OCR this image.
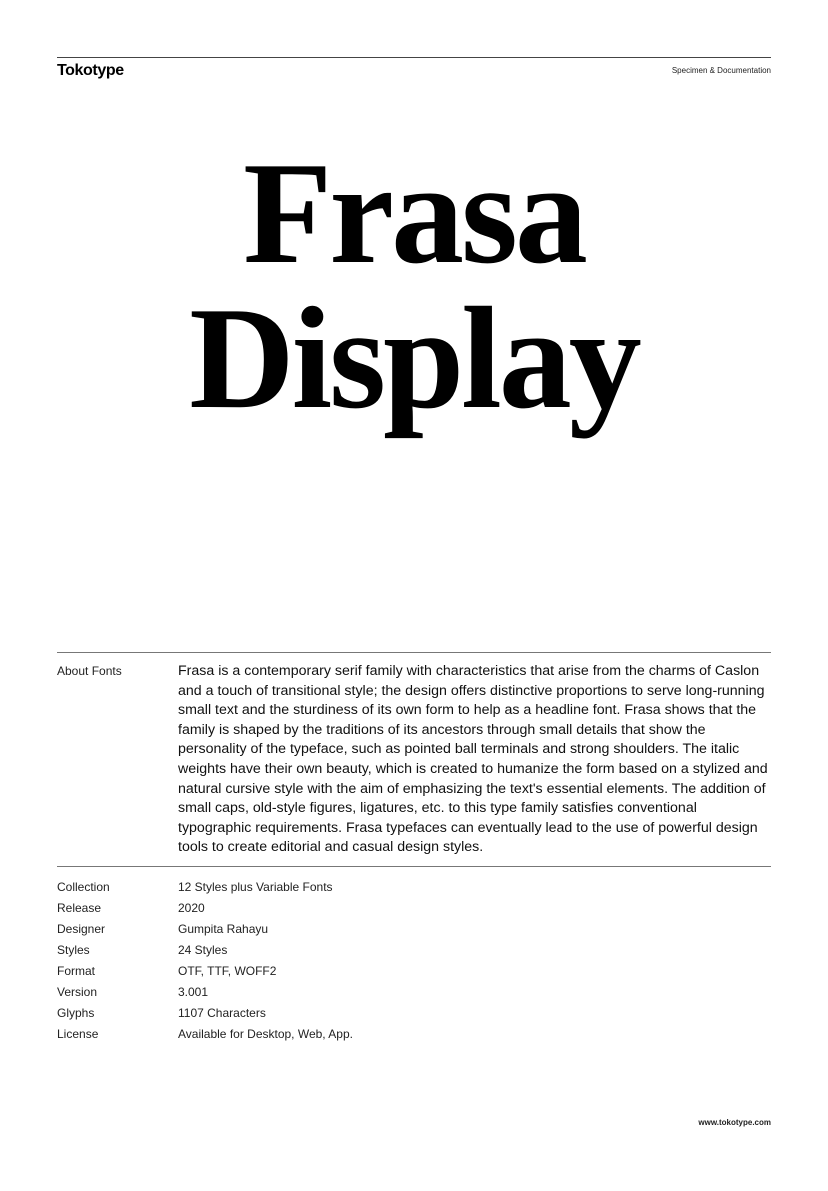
Tokotype	Specimen & Documentation
Frasa
Display
About Fonts	Frasa is a contemporary serif family with characteristics that arise from the charms of Caslon and a touch of transitional style; the design offers distinctive proportions to serve long-running small text and the sturdiness of its own form to help as a headline font. Frasa shows that the family is shaped by the traditions of its ancestors through small details that show the personality of the typeface, such as pointed ball terminals and strong shoulders. The italic weights have their own beauty, which is created to humanize the form based on a stylized and natural cursive style with the aim of emphasizing the text's essential elements. The addition of small caps, old-style figures, ligatures, etc. to this type family satisfies conventional typographic requirements. Frasa typefaces can eventually lead to the use of powerful design tools to create editorial and casual design styles.
Collection	12 Styles plus Variable Fonts
Release	2020
Designer	Gumpita Rahayu
Styles	24 Styles
Format	OTF, TTF, WOFF2
Version	3.001
Glyphs	1107 Characters
License	Available for Desktop, Web, App.
www.tokotype.com
